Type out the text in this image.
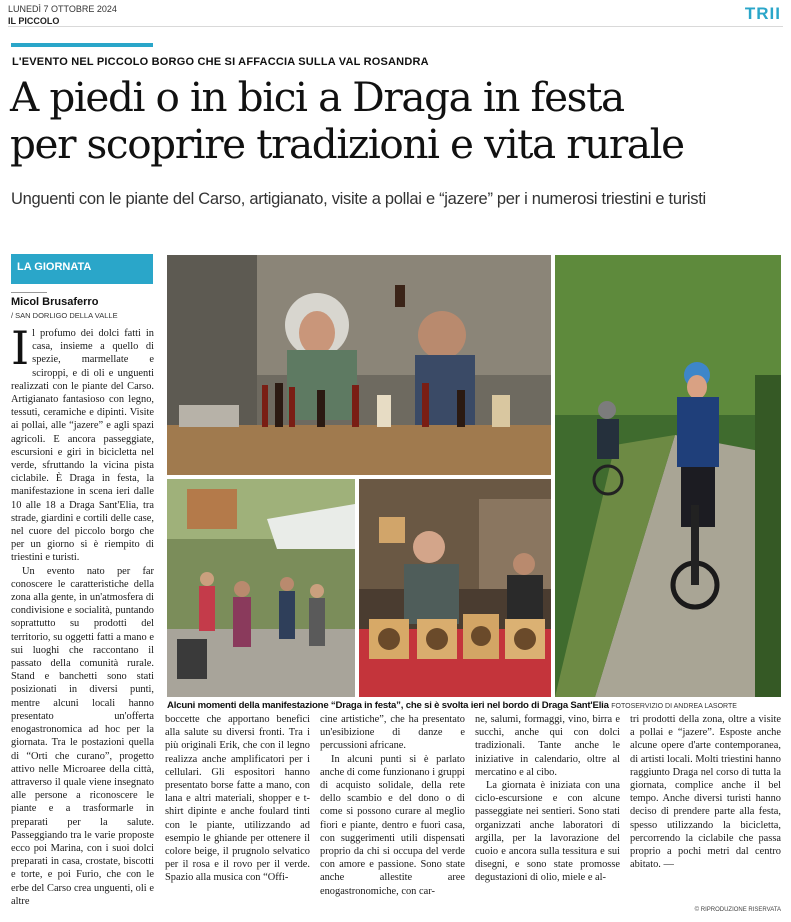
LUNEDÌ 7 OTTOBRE 2024
IL PICCOLO	TRII
L'EVENTO NEL PICCOLO BORGO CHE SI AFFACCIA SULLA VAL ROSANDRA
A piedi o in bici a Draga in festa
per scoprire tradizioni e vita rurale
Unguenti con le piante del Carso, artigianato, visite a pollai e “jazere” per i numerosi triestini e turisti
LA GIORNATA
Micol Brusaferro
/ SAN DORLIGO DELLA VALLE

Il profumo dei dolci fatti in casa, insieme a quello di spezie, marmellate e sciroppi, e di oli e unguenti realizzati con le piante del Carso. Artigianato fantasioso con legno, tessuti, ceramiche e dipinti. Visite ai pollai, alle “jazere” e agli spazi agricoli. E ancora passeggiate, escursioni e giri in bicicletta nel verde, sfruttando la vicina pista ciclabile. È Draga in festa, la manifestazione in scena ieri dalle 10 alle 18 a Draga Sant'Elia, tra strade, giardini e cortili delle case, nel cuore del piccolo borgo che per un giorno si è riempito di triestini e turisti.

Un evento nato per far conoscere le caratteristiche della zona alla gente, in un'atmosfera di condivisione e socialità, puntando soprattutto su prodotti del territorio, su oggetti fatti a mano e sui luoghi che raccontano il passato della comunità rurale. Stand e banchetti sono stati posizionati in diversi punti, mentre alcuni locali hanno presentato un'offerta enogastronomica ad hoc per la giornata. Tra le postazioni quella di “Orti che curano”, progetto attivo nelle Microaree della città, attraverso il quale viene insegnato alle persone a riconoscere le piante e a trasformarle in preparati per la salute. Passeggiando tra le varie proposte ecco poi Marina, con i suoi dolci preparati in casa, crostate, biscotti e torte, e poi Furio, che con le erbe del Carso crea unguenti, oli e altre

Alcuni momenti della manifestazione “Draga in festa”, che si è svolta ieri nel bordo di Draga Sant'Elia FOTOSERVIZIO DI ANDREA LASORTE

boccette che apportano benefici alla salute su diversi fronti. Tra i più originali Erik, che con il legno realizza anche amplificatori per i cellulari. Gli espositori hanno presentato borse fatte a mano, con lana e altri materiali, shopper e t-shirt dipinte e anche foulard tinti con le piante, utilizzando ad esempio le ghiande per ottenere il colore beige, il prugnolo selvatico per il rosa e il rovo per il verde. Spazio alla musica con “Offi-

cine artistiche”, che ha presentato un'esibizione di danze e percussioni africane.

In alcuni punti si è parlato anche di come funzionano i gruppi di acquisto solidale, della rete dello scambio e del dono o di come si possono curare al meglio fiori e piante, dentro e fuori casa, con suggerimenti utili dispensati proprio da chi si occupa del verde con amore e passione. Sono state anche allestite aree enogastronomiche, con car-

ne, salumi, formaggi, vino, birra e succhi, anche qui con dolci tradizionali. Tante anche le iniziative in calendario, oltre al mercatino e al cibo.

La giornata è iniziata con una ciclo-escursione e con alcune passeggiate nei sentieri. Sono stati organizzati anche laboratori di argilla, per la lavorazione del cuoio e ancora sulla tessitura e sui disegni, e sono state promosse degustazioni di olio, miele e al-

tri prodotti della zona, oltre a visite a pollai e “jazere”. Esposte anche alcune opere d'arte contemporanea, di artisti locali. Molti triestini hanno raggiunto Draga nel corso di tutta la giornata, complice anche il bel tempo. Anche diversi turisti hanno deciso di prendere parte alla festa, spesso utilizzando la bicicletta, percorrendo la ciclabile che passa proprio a pochi metri dal centro abitato. —

© RIPRODUZIONE RISERVATA
